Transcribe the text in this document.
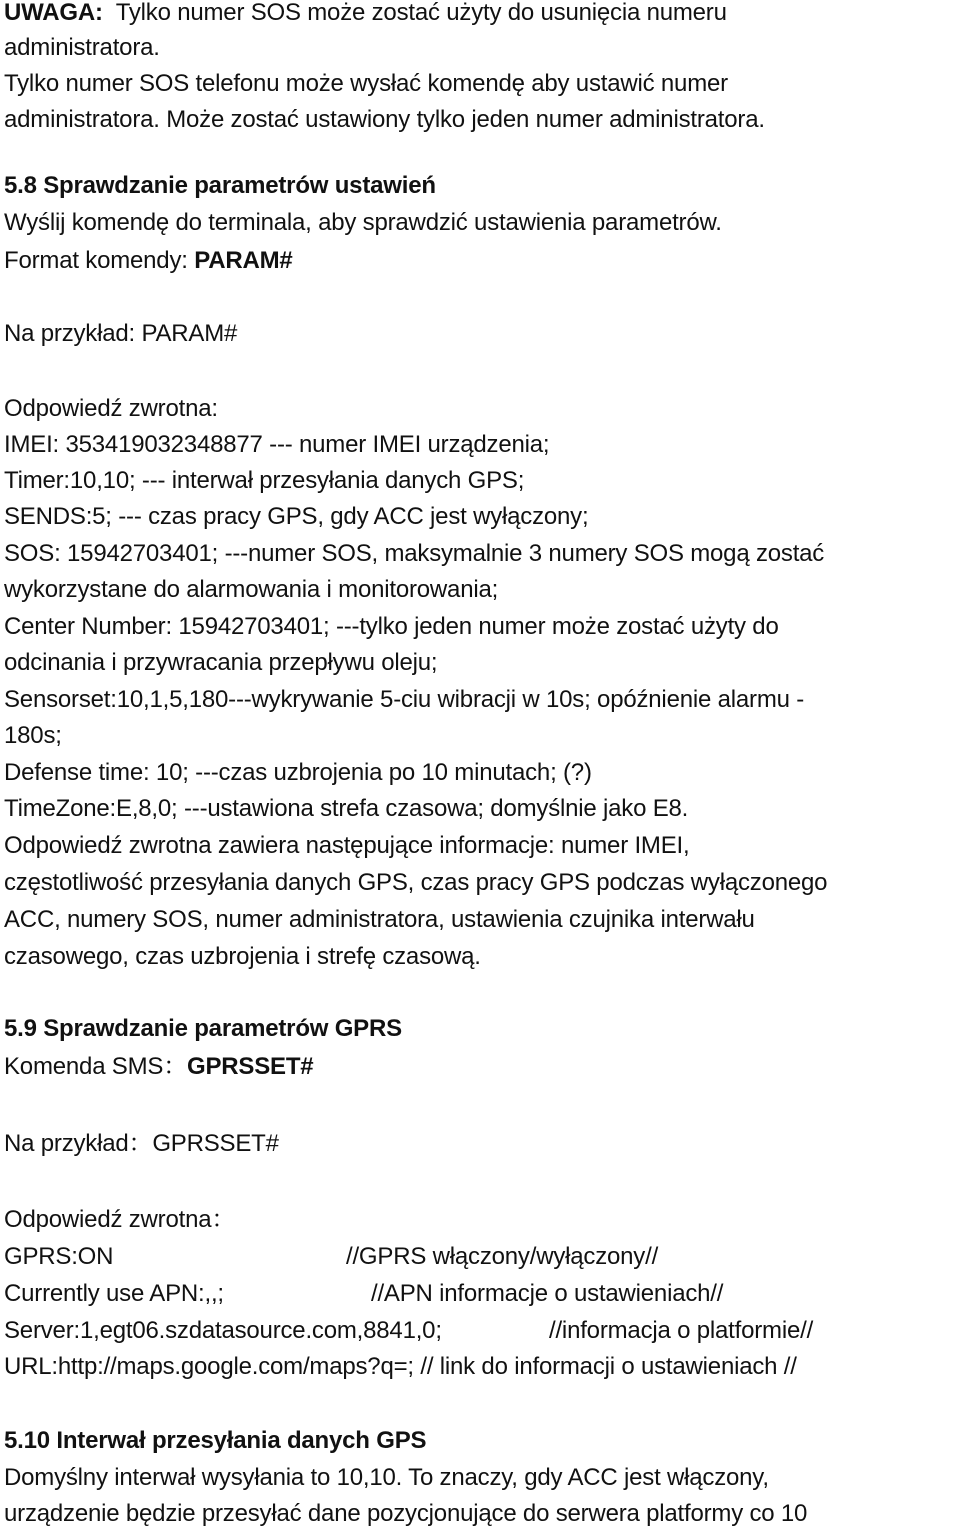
UWAGA: Tylko numer SOS może zostać użyty do usunięcia numeru
administratora.
Tylko numer SOS telefonu może wysłać komendę aby ustawić numer
administratora. Może zostać ustawiony tylko jeden numer administratora.
5.8 Sprawdzanie parametrów ustawień
Wyślij komendę do terminala, aby sprawdzić ustawienia parametrów.
Format komendy: PARAM#
Na przykład: PARAM#
Odpowiedź zwrotna:
IMEI: 353419032348877 --- numer IMEI urządzenia;
Timer:10,10; --- interwał przesyłania danych GPS;
SENDS:5; --- czas pracy GPS, gdy ACC jest wyłączony;
SOS: 15942703401; ---numer SOS, maksymalnie 3 numery SOS mogą zostać
wykorzystane do alarmowania i monitorowania;
Center Number: 15942703401; ---tylko jeden numer może zostać użyty do
odcinania i przywracania przepływu oleju;
Sensorset:10,1,5,180---wykrywanie 5-ciu wibracji w 10s; opóźnienie alarmu -
180s;
Defense time: 10; ---czas uzbrojenia po 10 minutach; (?)
TimeZone:E,8,0; ---ustawiona strefa czasowa; domyślnie jako E8.
Odpowiedź zwrotna zawiera następujące informacje: numer IMEI,
częstotliwość przesyłania danych GPS, czas pracy GPS podczas wyłączonego
ACC, numery SOS, numer administratora, ustawienia czujnika interwału
czasowego, czas uzbrojenia i strefę czasową.
5.9 Sprawdzanie parametrów GPRS
Komenda SMS：GPRSSET#
Na przykład：GPRSSET#
Odpowiedź zwrotna：
GPRS:ON	//GPRS włączony/wyłączony//
Currently use APN:,,;	//APN informacje o ustawieniach//
Server:1,egt06.szdatasource.com,8841,0;	//informacja o platformie//
URL:http://maps.google.com/maps?q=; // link do informacji o ustawieniach //
5.10 Interwał przesyłania danych GPS
Domyślny interwał wysyłania to 10,10. To znaczy, gdy ACC jest włączony,
urządzenie będzie przesyłać dane pozycjonujące do serwera platformy co 10
